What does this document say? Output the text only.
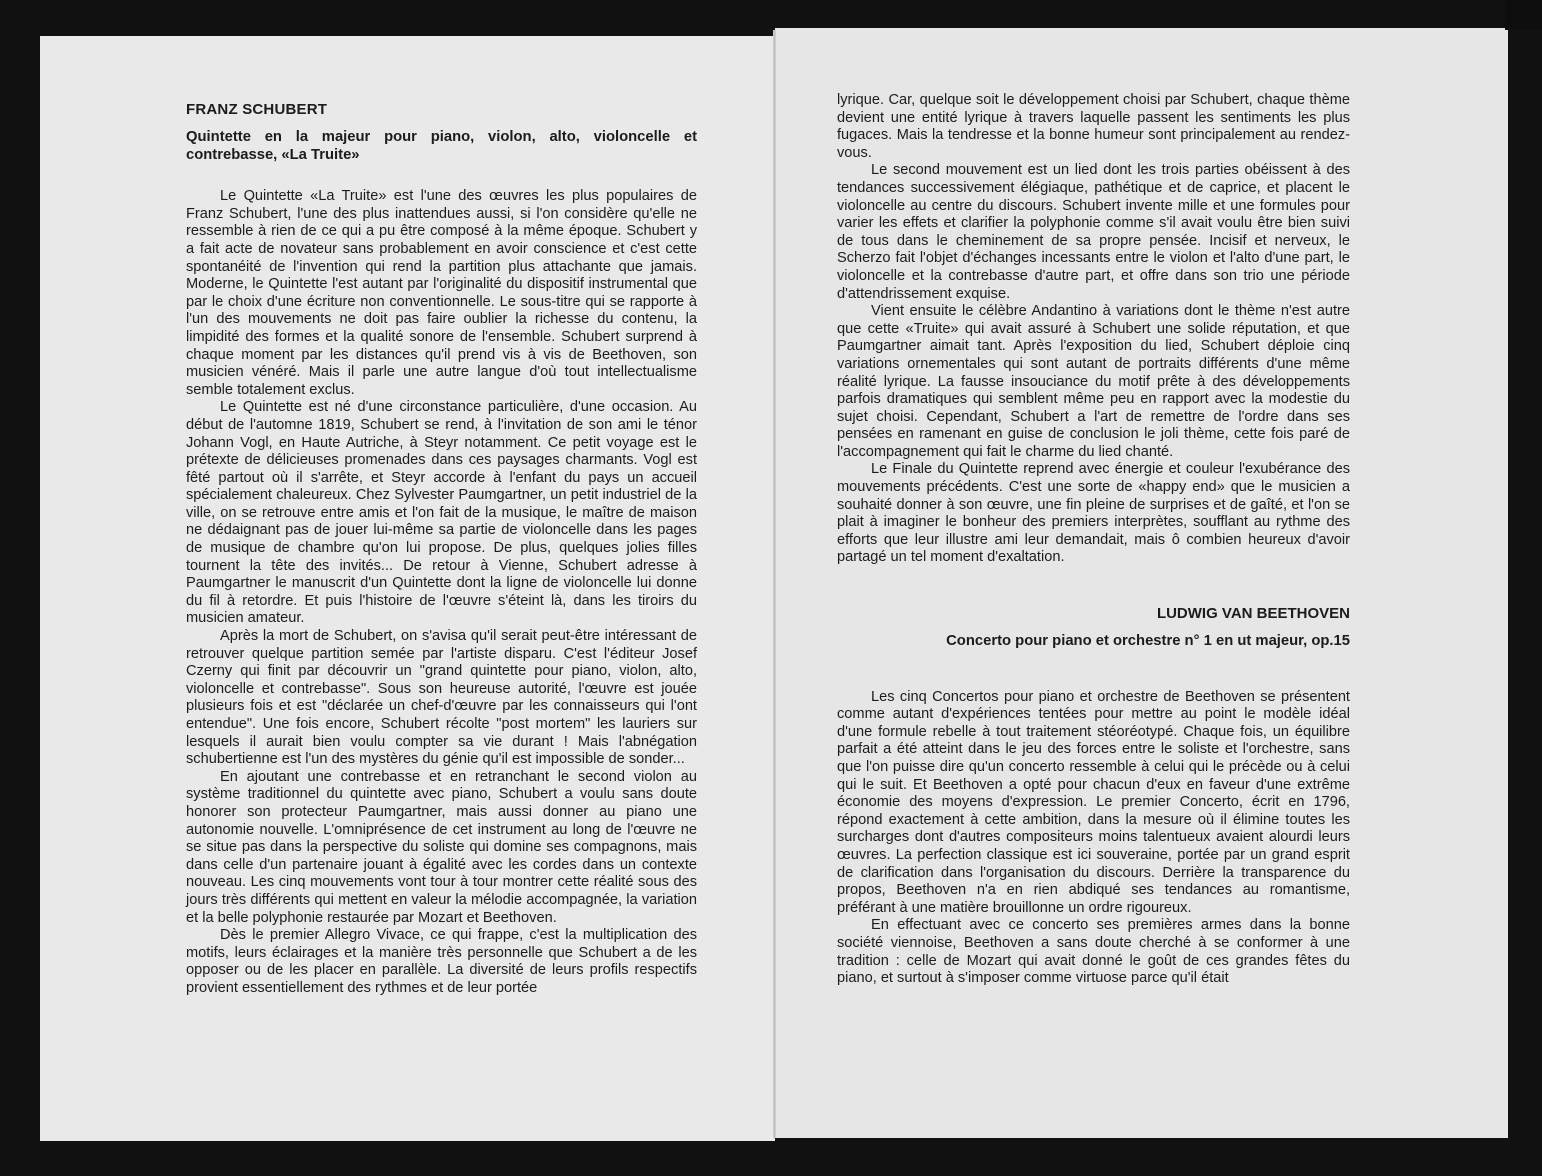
FRANZ SCHUBERT
Quintette en la majeur pour piano, violon, alto, violoncelle et contrebasse, «La Truite»

Le Quintette «La Truite» est l'une des œuvres les plus populaires de Franz Schubert, l'une des plus inattendues aussi, si l'on considère qu'elle ne ressemble à rien de ce qui a pu être composé à la même époque. Schubert y a fait acte de novateur sans probablement en avoir conscience et c'est cette spontanéité de l'invention qui rend la partition plus attachante que jamais. Moderne, le Quintette l'est autant par l'originalité du dispositif instrumental que par le choix d'une écriture non conventionnelle. Le sous-titre qui se rapporte à l'un des mouvements ne doit pas faire oublier la richesse du contenu, la limpidité des formes et la qualité sonore de l'ensemble. Schubert surprend à chaque moment par les distances qu'il prend vis à vis de Beethoven, son musicien vénéré. Mais il parle une autre langue d'où tout intellectualisme semble totalement exclus.

Le Quintette est né d'une circonstance particulière, d'une occasion. Au début de l'automne 1819, Schubert se rend, à l'invitation de son ami le ténor Johann Vogl, en Haute Autriche, à Steyr notamment. Ce petit voyage est le prétexte de délicieuses promenades dans ces paysages charmants. Vogl est fêté partout où il s'arrête, et Steyr accorde à l'enfant du pays un accueil spécialement chaleureux. Chez Sylvester Paumgartner, un petit industriel de la ville, on se retrouve entre amis et l'on fait de la musique, le maître de maison ne dédaignant pas de jouer lui-même sa partie de violoncelle dans les pages de musique de chambre qu'on lui propose. De plus, quelques jolies filles tournent la tête des invités... De retour à Vienne, Schubert adresse à Paumgartner le manuscrit d'un Quintette dont la ligne de violoncelle lui donne du fil à retordre. Et puis l'histoire de l'œuvre s'éteint là, dans les tiroirs du musicien amateur.

Après la mort de Schubert, on s'avisa qu'il serait peut-être intéressant de retrouver quelque partition semée par l'artiste disparu. C'est l'éditeur Josef Czerny qui finit par découvrir un "grand quintette pour piano, violon, alto, violoncelle et contrebasse". Sous son heureuse autorité, l'œuvre est jouée plusieurs fois et est "déclarée un chef-d'œuvre par les connaisseurs qui l'ont entendue". Une fois encore, Schubert récolte "post mortem" les lauriers sur lesquels il aurait bien voulu compter sa vie durant ! Mais l'abnégation schubertienne est l'un des mystères du génie qu'il est impossible de sonder...

En ajoutant une contrebasse et en retranchant le second violon au système traditionnel du quintette avec piano, Schubert a voulu sans doute honorer son protecteur Paumgartner, mais aussi donner au piano une autonomie nouvelle. L'omniprésence de cet instrument au long de l'œuvre ne se situe pas dans la perspective du soliste qui domine ses compagnons, mais dans celle d'un partenaire jouant à égalité avec les cordes dans un contexte nouveau. Les cinq mouvements vont tour à tour montrer cette réalité sous des jours très différents qui mettent en valeur la mélodie accompagnée, la variation et la belle polyphonie restaurée par Mozart et Beethoven.

Dès le premier Allegro Vivace, ce qui frappe, c'est la multiplication des motifs, leurs éclairages et la manière très personnelle que Schubert a de les opposer ou de les placer en parallèle. La diversité de leurs profils respectifs provient essentiellement des rythmes et de leur portée

lyrique. Car, quelque soit le développement choisi par Schubert, chaque thème devient une entité lyrique à travers laquelle passent les sentiments les plus fugaces. Mais la tendresse et la bonne humeur sont principalement au rendez-vous.

Le second mouvement est un lied dont les trois parties obéissent à des tendances successivement élégiaque, pathétique et de caprice, et placent le violoncelle au centre du discours. Schubert invente mille et une formules pour varier les effets et clarifier la polyphonie comme s'il avait voulu être bien suivi de tous dans le cheminement de sa propre pensée. Incisif et nerveux, le Scherzo fait l'objet d'échanges incessants entre le violon et l'alto d'une part, le violoncelle et la contrebasse d'autre part, et offre dans son trio une période d'attendrissement exquise.

Vient ensuite le célèbre Andantino à variations dont le thème n'est autre que cette «Truite» qui avait assuré à Schubert une solide réputation, et que Paumgartner aimait tant. Après l'exposition du lied, Schubert déploie cinq variations ornementales qui sont autant de portraits différents d'une même réalité lyrique. La fausse insouciance du motif prête à des développements parfois dramatiques qui semblent même peu en rapport avec la modestie du sujet choisi. Cependant, Schubert a l'art de remettre de l'ordre dans ses pensées en ramenant en guise de conclusion le joli thème, cette fois paré de l'accompagnement qui fait le charme du lied chanté.

Le Finale du Quintette reprend avec énergie et couleur l'exubérance des mouvements précédents. C'est une sorte de «happy end» que le musicien a souhaité donner à son œuvre, une fin pleine de surprises et de gaîté, et l'on se plait à imaginer le bonheur des premiers interprètes, soufflant au rythme des efforts que leur illustre ami leur demandait, mais ô combien heureux d'avoir partagé un tel moment d'exaltation.

LUDWIG VAN BEETHOVEN
Concerto pour piano et orchestre n° 1 en ut majeur, op.15

Les cinq Concertos pour piano et orchestre de Beethoven se présentent comme autant d'expériences tentées pour mettre au point le modèle idéal d'une formule rebelle à tout traitement stéoréotypé. Chaque fois, un équilibre parfait a été atteint dans le jeu des forces entre le soliste et l'orchestre, sans que l'on puisse dire qu'un concerto ressemble à celui qui le précède ou à celui qui le suit. Et Beethoven a opté pour chacun d'eux en faveur d'une extrême économie des moyens d'expression. Le premier Concerto, écrit en 1796, répond exactement à cette ambition, dans la mesure où il élimine toutes les surcharges dont d'autres compositeurs moins talentueux avaient alourdi leurs œuvres. La perfection classique est ici souveraine, portée par un grand esprit de clarification dans l'organisation du discours. Derrière la transparence du propos, Beethoven n'a en rien abdiqué ses tendances au romantisme, préférant à une matière brouillonne un ordre rigoureux.

En effectuant avec ce concerto ses premières armes dans la bonne société viennoise, Beethoven a sans doute cherché à se conformer à une tradition : celle de Mozart qui avait donné le goût de ces grandes fêtes du piano, et surtout à s'imposer comme virtuose parce qu'il était
